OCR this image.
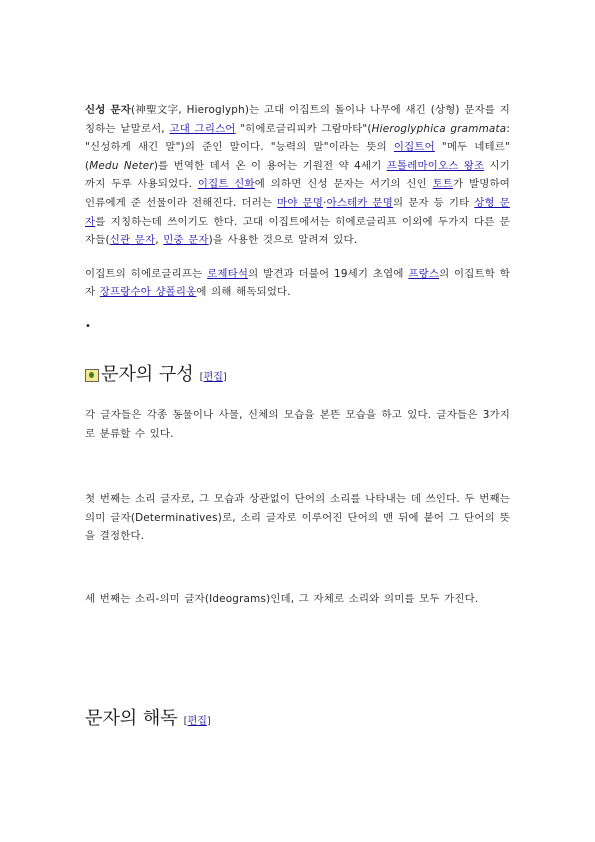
신성 문자(神聖文字, Hieroglyph)는 고대 이집트의 돌이나 나무에 새긴 (상형) 문자를 지칭하는 낱말로서, 고대 그리스어 "히에로글리피카 그람마타"(Hieroglyphica grammata: "신성하게 새긴 말")의 준인 말이다. "능력의 말"이라는 뜻의 이집트어 "메두 네테르"(Medu Neter)를 번역한 데서 온 이 용어는 기원전 약 4세기 프톨레마이오스 왕조 시기까지 두루 사용되었다. 이집트 신화에 의하면 신성 문자는 서기의 신인 토트가 발명하여 인류에게 준 선물이라 전해진다. 더러는 마야 문명·아스테카 문명의 문자 등 기타 상형 문자를 지칭하는데 쓰이기도 한다. 고대 이집트에서는 히에로글리프 이외에 두가지 다른 문자들(신관 문자, 민중 문자)을 사용한 것으로 알려져 있다.

이집트의 히에로글리프는 로제타석의 발견과 더불어 19세기 초엽에 프랑스의 이집트학 학자 장프랑수아 샹폴리옹에 의해 해독되었다.

•
문자의 구성 [편집]

각 글자들은 각종 동물이나 사물, 신체의 모습을 본뜬 모습을 하고 있다. 글자들은 3가지로 분류할 수 있다.

첫 번째는 소리 글자로, 그 모습과 상관없이 단어의 소리를 나타내는 데 쓰인다. 두 번째는 의미 글자(Determinatives)로, 소리 글자로 이루어진 단어의 맨 뒤에 붙어 그 단어의 뜻을 결정한다.

세 번째는 소리-의미 글자(Ideograms)인데, 그 자체로 소리와 의미를 모두 가진다.

문자의 해독 [편집]
